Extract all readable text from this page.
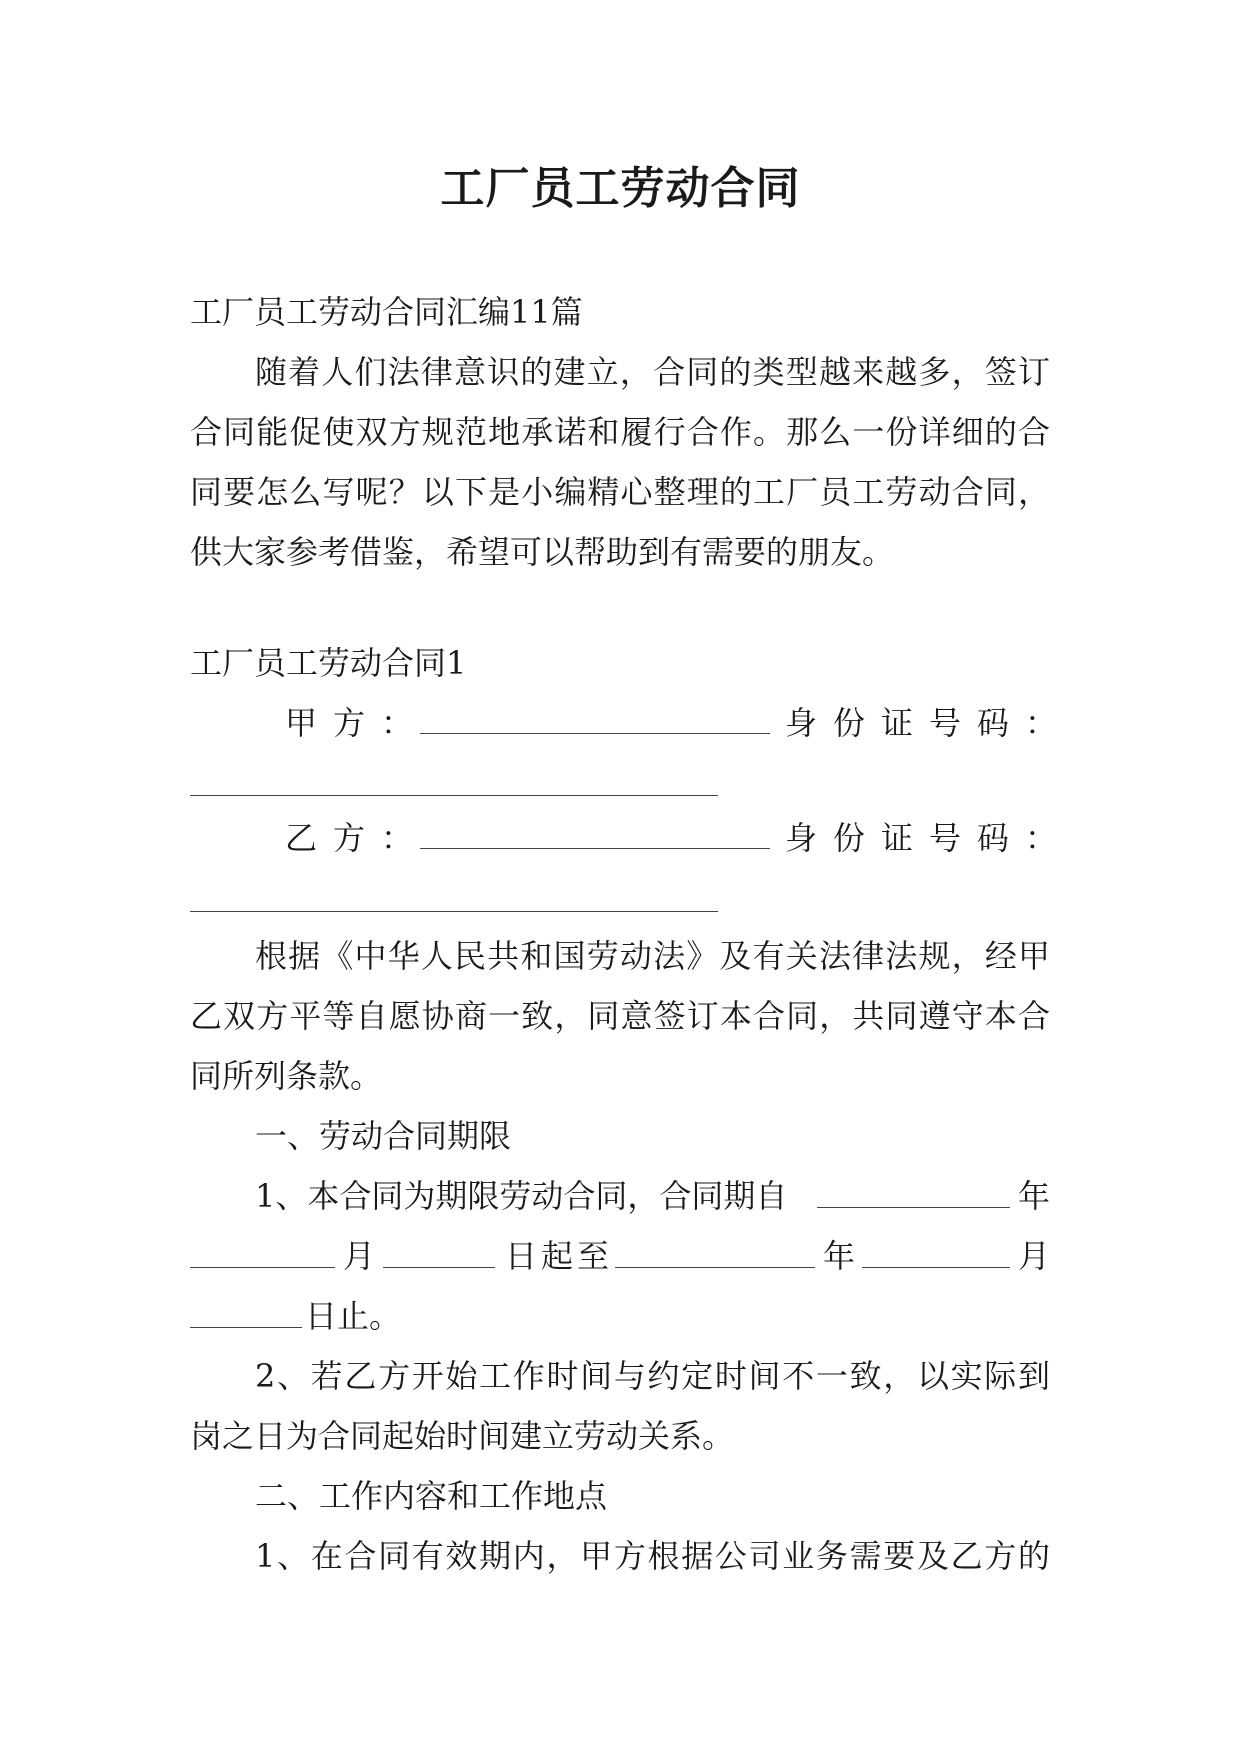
工厂员工劳动合同
工厂员工劳动合同汇编11篇
随着人们法律意识的建立，合同的类型越来越多，签订
合同能促使双方规范地承诺和履行合作。那么一份详细的合
同要怎么写呢？以下是小编精心整理的工厂员工劳动合同，
供大家参考借鉴，希望可以帮助到有需要的朋友。
工厂员工劳动合同1
甲方：	身份证号码：
乙方：	身份证号码：
根据《中华人民共和国劳动法》及有关法律法规，经甲
乙双方平等自愿协商一致，同意签订本合同，共同遵守本合
同所列条款。
一、劳动合同期限
1、本合同为期限劳动合同，合同期自	年
月	日起至	年	月
日止。
2、若乙方开始工作时间与约定时间不一致，以实际到
岗之日为合同起始时间建立劳动关系。
二、工作内容和工作地点
1、在合同有效期内，甲方根据公司业务需要及乙方的
